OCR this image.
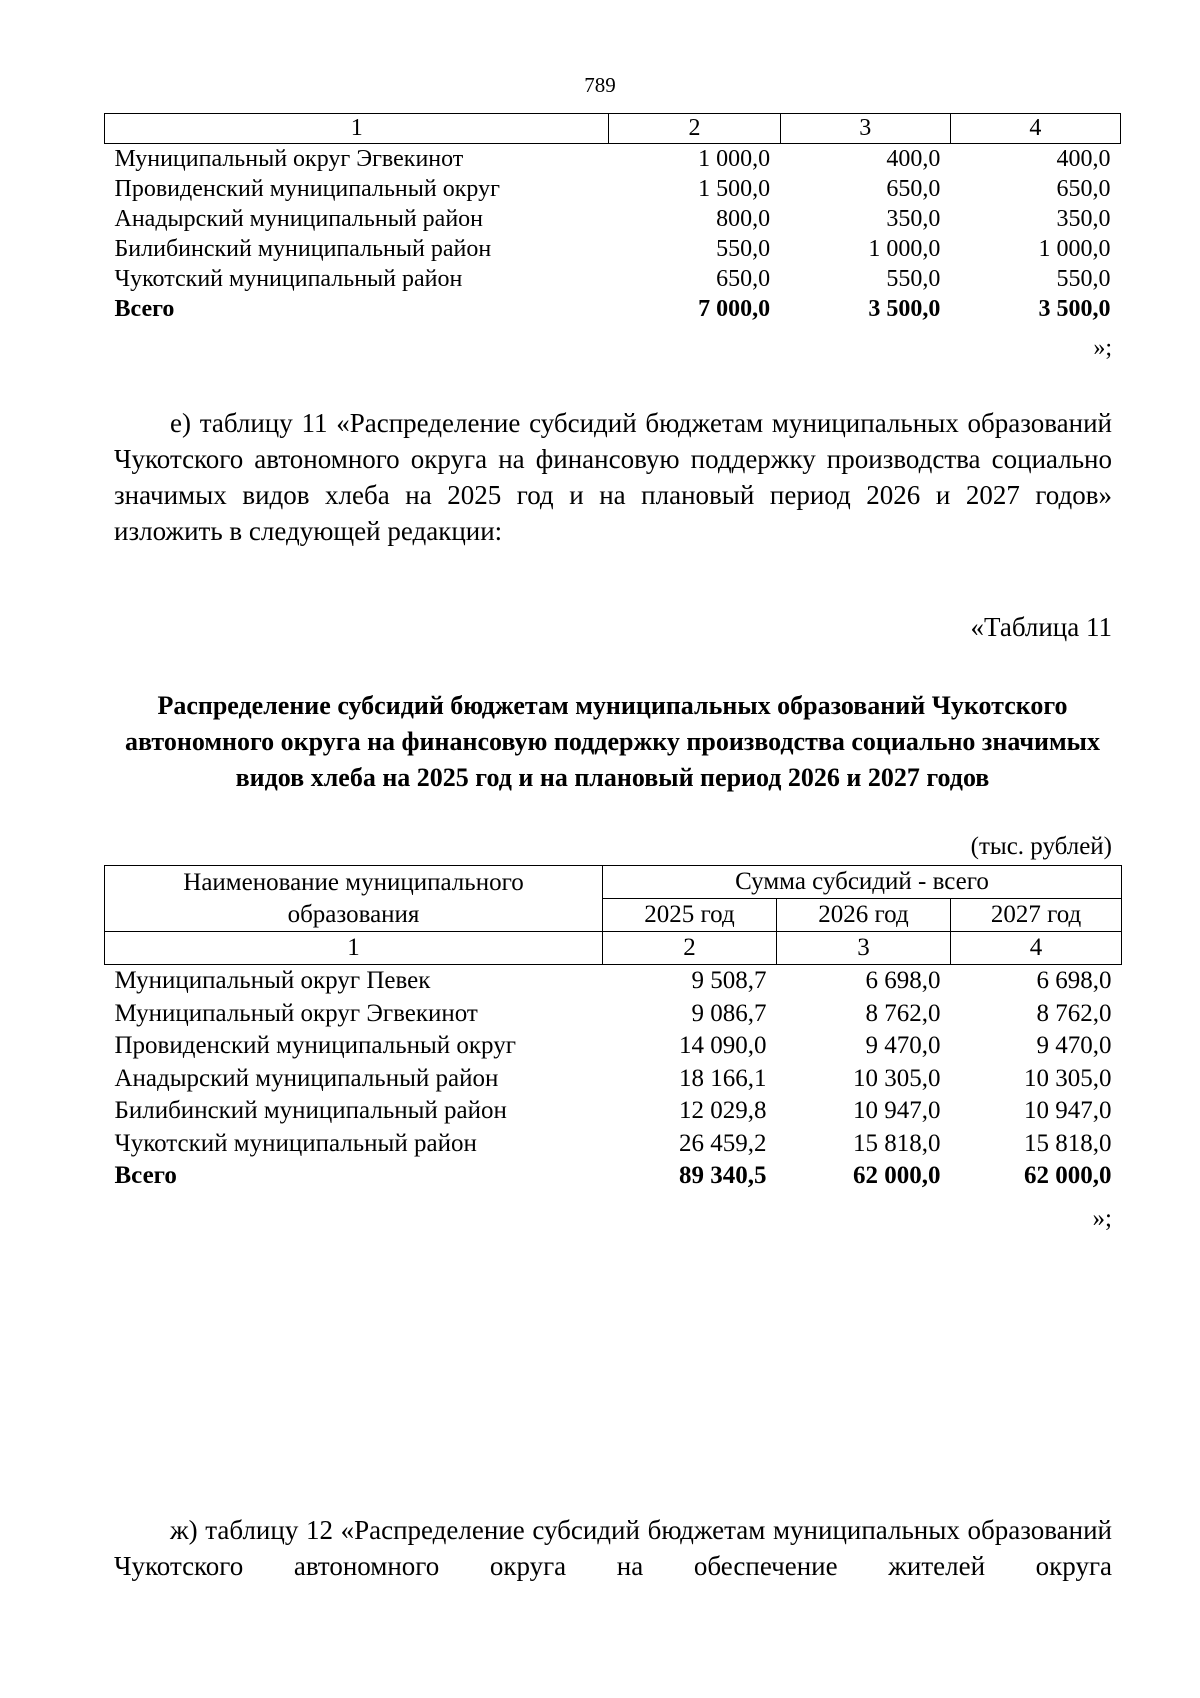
789
1	2	3	4
Муниципальный округ Эгвекинот	1 000,0	400,0	400,0
Провиденский муниципальный округ	1 500,0	650,0	650,0
Анадырский муниципальный район	800,0	350,0	350,0
Билибинский муниципальный район	550,0	1 000,0	1 000,0
Чукотский муниципальный район	650,0	550,0	550,0
Всего	7 000,0	3 500,0	3 500,0
»;

е) таблицу 11 «Распределение субсидий бюджетам муниципальных образований Чукотского автономного округа на финансовую поддержку производства социально значимых видов хлеба на 2025 год и на плановый период 2026 и 2027 годов» изложить в следующей редакции:

«Таблица 11
Распределение субсидий бюджетам муниципальных образований Чукотского автономного округа на финансовую поддержку производства социально значимых видов хлеба на 2025 год и на плановый период 2026 и 2027 годов
(тыс. рублей)
Наименование муниципального образования	Сумма субсидий - всего		
	2025 год	2026 год	2027 год
1	2	3	4
Муниципальный округ Певек	9 508,7	6 698,0	6 698,0
Муниципальный округ Эгвекинот	9 086,7	8 762,0	8 762,0
Провиденский муниципальный округ	14 090,0	9 470,0	9 470,0
Анадырский муниципальный район	18 166,1	10 305,0	10 305,0
Билибинский муниципальный район	12 029,8	10 947,0	10 947,0
Чукотский муниципальный район	26 459,2	15 818,0	15 818,0
Всего	89 340,5	62 000,0	62 000,0
»;

ж) таблицу 12 «Распределение субсидий бюджетам муниципальных образований Чукотского автономного округа на обеспечение жителей округа
